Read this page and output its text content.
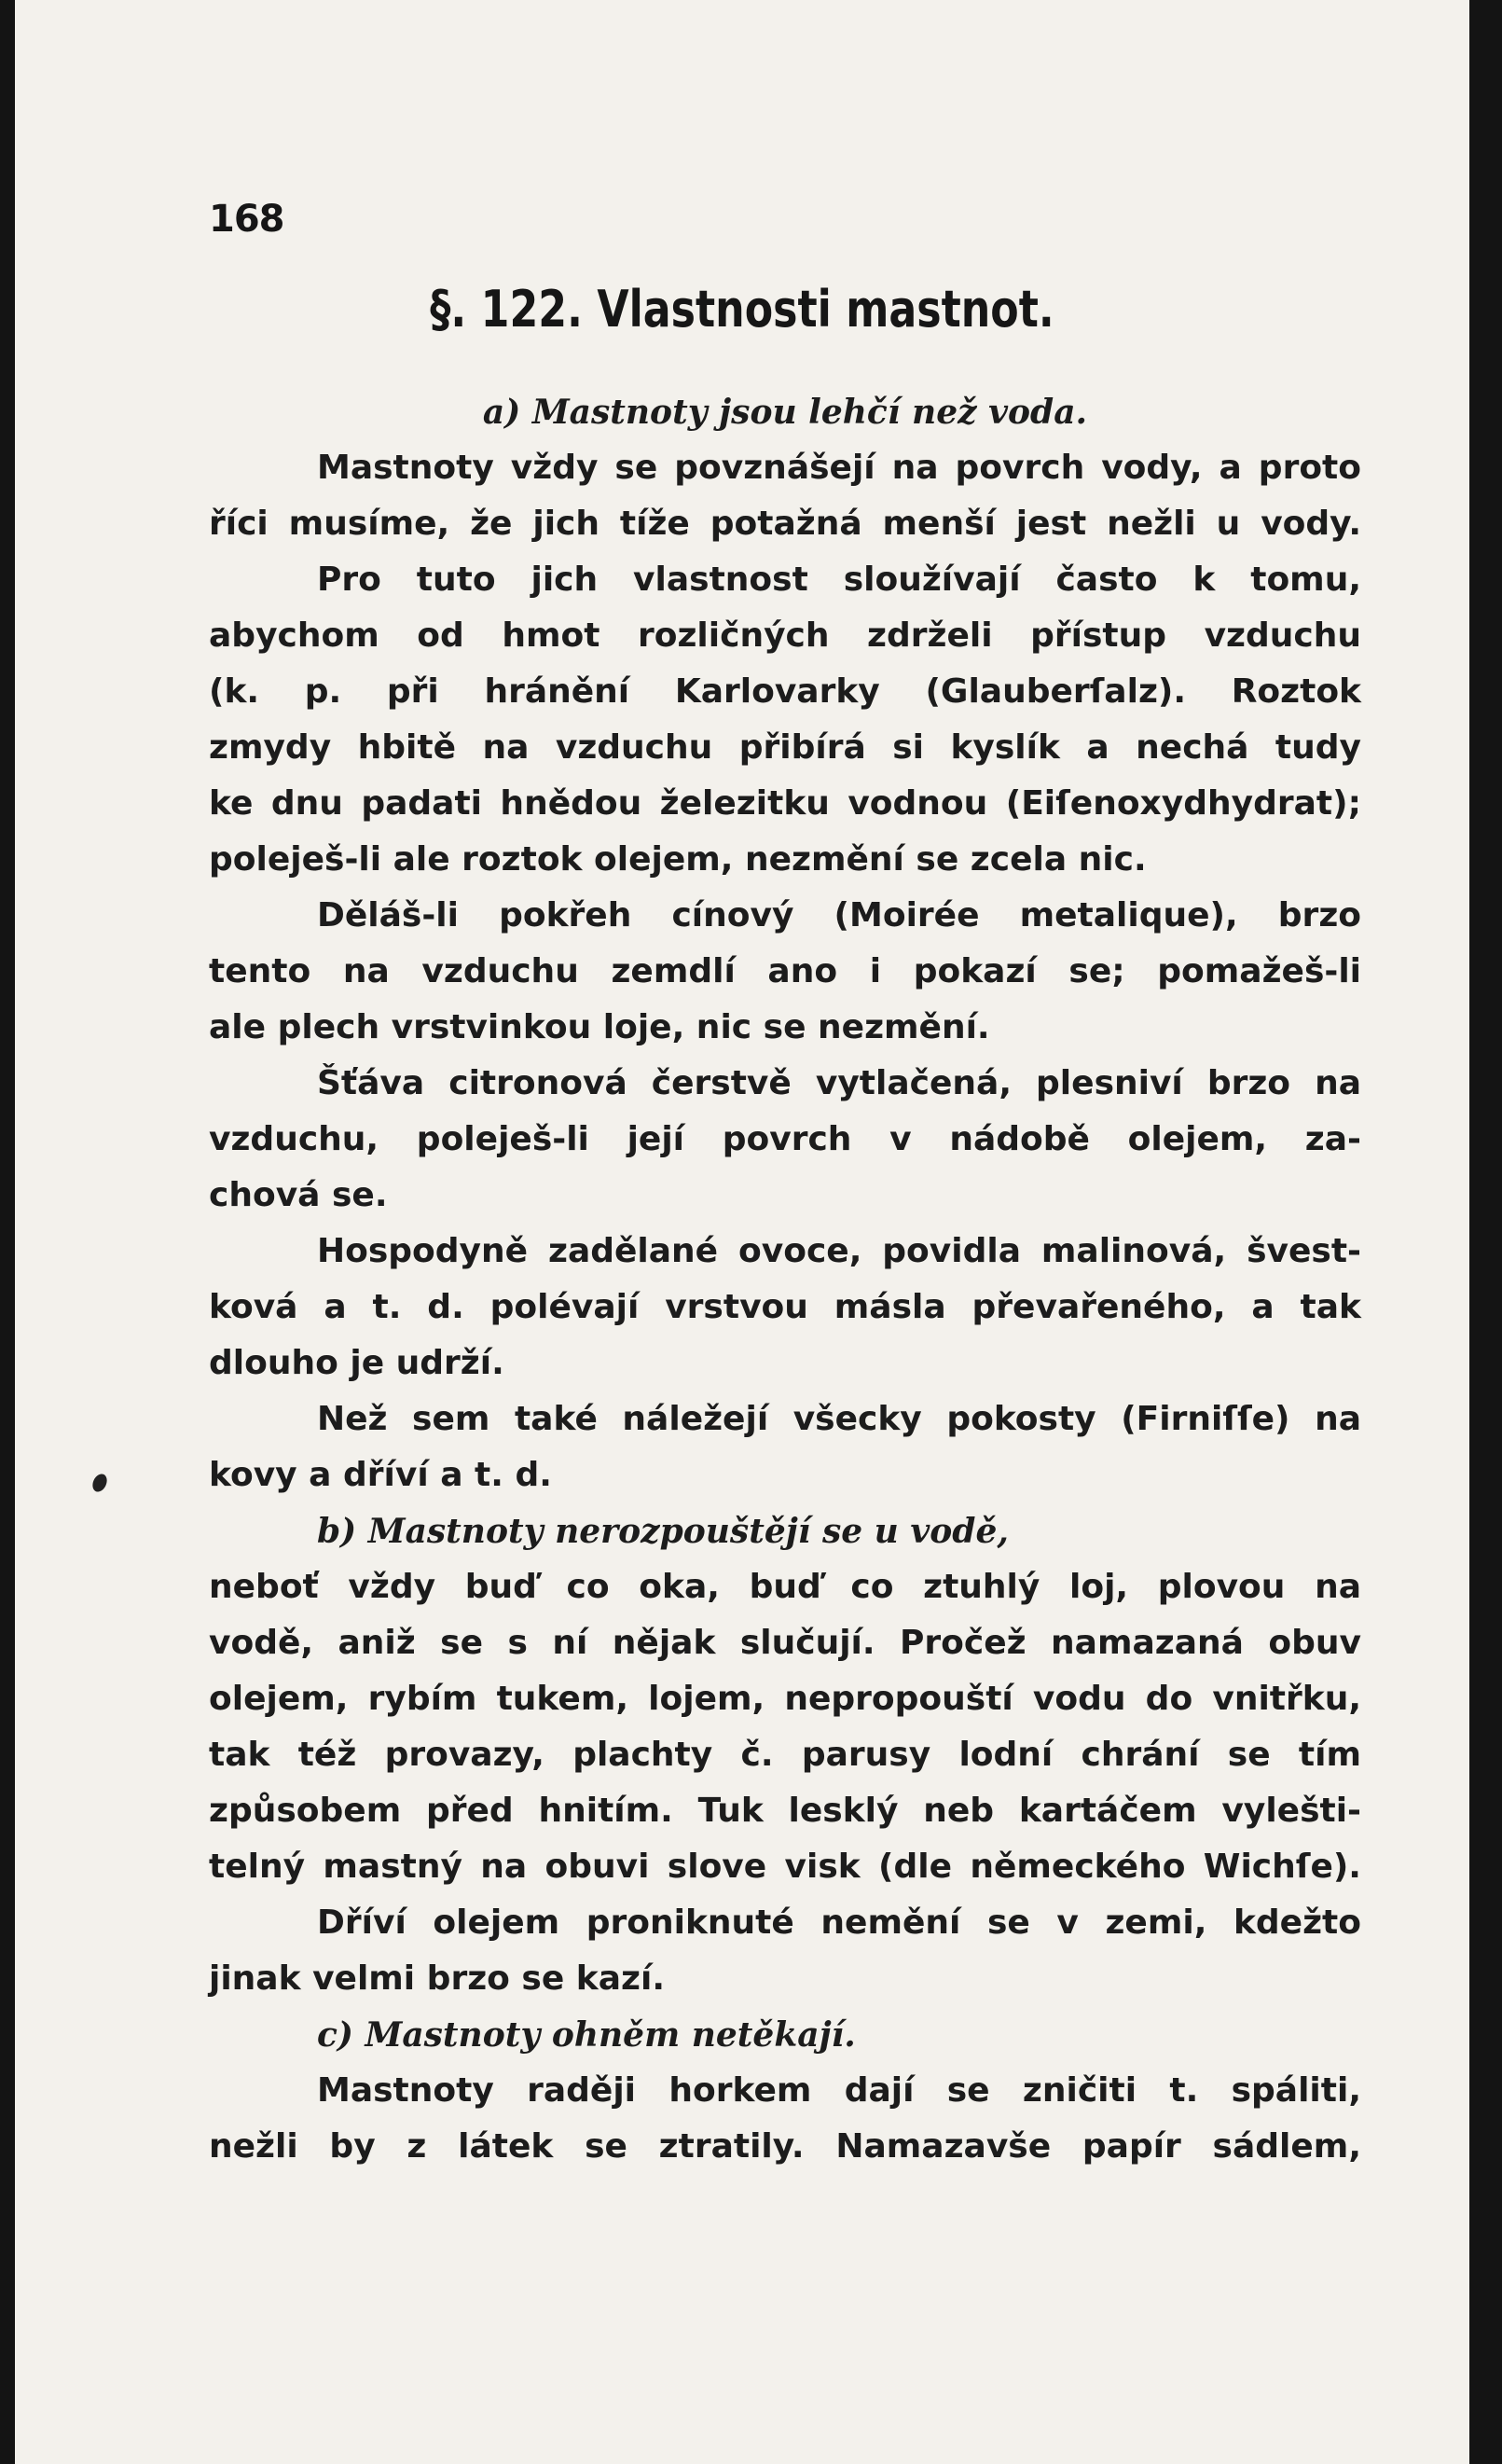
168
§. 122. Vlastnosti mastnot.
a) Mastnoty jsou lehčí než voda.
Mastnoty vždy se povznášejí na povrch vody, a proto
říci musíme, že jich tíže potažná menší jest nežli u vody.
Pro tuto jich vlastnost sloužívají často k tomu,
abychom od hmot rozličných zdrželi přístup vzduchu
(k. p. při hránění Karlovarky (Glauberſalz). Roztok
zmydy hbitě na vzduchu přibírá si kyslík a nechá tudy
ke dnu padati hnědou železitku vodnou (Eiſenoxydhydrat);
poleješ-li ale roztok olejem, nezmění se zcela nic.
Děláš-li pokřeh cínový (Moirée metalique), brzo
tento na vzduchu zemdlí ano i pokazí se; pomažeš-li
ale plech vrstvinkou loje, nic se nezmění.
Šťáva citronová čerstvě vytlačená, plesniví brzo na
vzduchu, poleješ-li její povrch v nádobě olejem, za-
chová se.
Hospodyně zadělané ovoce, povidla malinová, švest-
ková a t. d. polévají vrstvou másla převařeného, a tak
dlouho je udrží.
Než sem také náležejí všecky pokosty (Firniſſe) na
kovy a dříví a t. d.
b) Mastnoty nerozpouštějí se u vodě,
neboť vždy buď co oka, buď co ztuhlý loj, plovou na
vodě, aniž se s ní nějak slučují. Pročež namazaná obuv
olejem, rybím tukem, lojem, nepropouští vodu do vnitřku,
tak též provazy, plachty č. parusy lodní chrání se tím
způsobem před hnitím. Tuk lesklý neb kartáčem vylešti-
telný mastný na obuvi slove visk (dle německého Wichſe).
Dříví olejem proniknuté nemění se v zemi, kdežto
jinak velmi brzo se kazí.
c) Mastnoty ohněm netěkají.
Mastnoty raději horkem dají se zničiti t. spáliti,
nežli by z látek se ztratily. Namazavše papír sádlem,
